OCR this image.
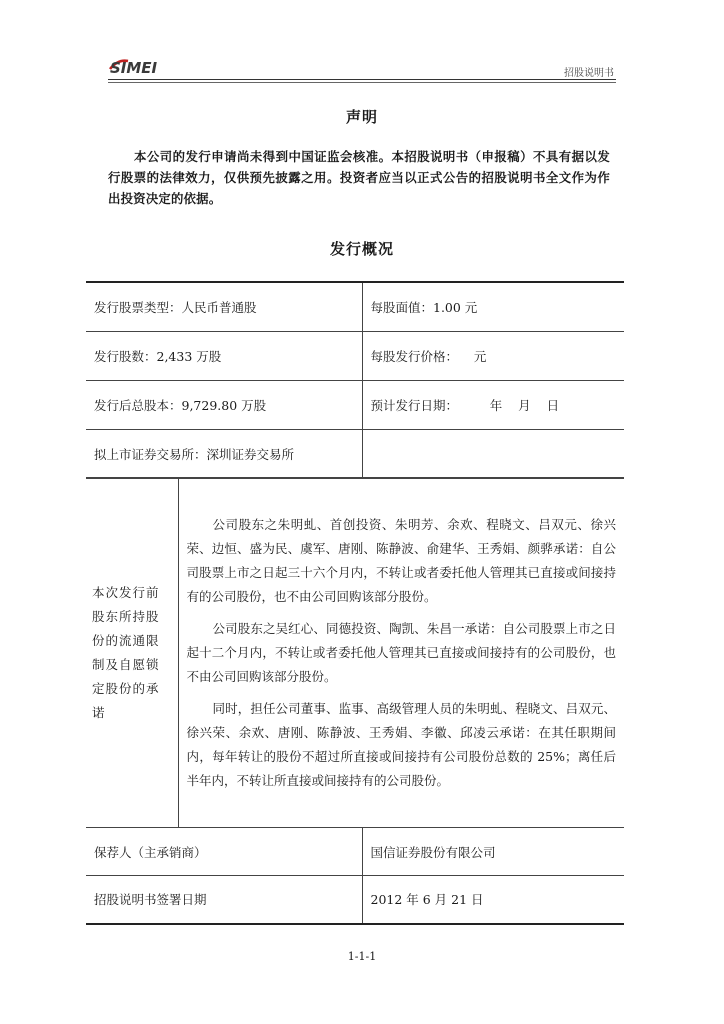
SIMEI	招股说明书
声明
本公司的发行申请尚未得到中国证监会核准。本招股说明书（申报稿）不具有据以发行股票的法律效力，仅供预先披露之用。投资者应当以正式公告的招股说明书全文作为作出投资决定的依据。
发行概况
发行股票类型：人民币普通股	每股面值：1.00 元
发行股数：2,433 万股	每股发行价格：    元
发行后总股本：9,729.80 万股	预计发行日期：        年    月    日
拟上市证券交易所：深圳证券交易所	
本次发行前股东所持股份的流通限制及自愿锁定股份的承诺

公司股东之朱明虬、首创投资、朱明芳、余欢、程晓文、吕双元、徐兴荣、边恒、盛为民、虞军、唐刚、陈静波、俞建华、王秀娟、颜骅承诺：自公司股票上市之日起三十六个月内，不转让或者委托他人管理其已直接或间接持有的公司股份，也不由公司回购该部分股份。

公司股东之吴红心、同德投资、陶凯、朱昌一承诺：自公司股票上市之日起十二个月内，不转让或者委托他人管理其已直接或间接持有的公司股份，也不由公司回购该部分股份。

同时，担任公司董事、监事、高级管理人员的朱明虬、程晓文、吕双元、徐兴荣、余欢、唐刚、陈静波、王秀娟、李徽、邱凌云承诺：在其任职期间内，每年转让的股份不超过所直接或间接持有公司股份总数的 25%；离任后半年内，不转让所直接或间接持有的公司股份。

保荐人（主承销商）	国信证券股份有限公司
招股说明书签署日期	2012 年 6 月 21 日
1-1-1
